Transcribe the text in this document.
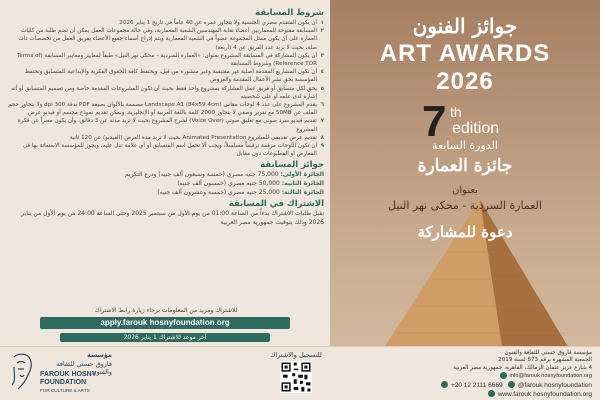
جوائز الفنون
ART AWARDS
2026
7 th
edition
الدورة السابعة
جائزة العمارة
بعنوان
العمارة السردية - محكى نهر النيل
دعوة للمشاركة
شروط المسابقة
١
أن يكون المتقدم مصري الجنسية ولا يتجاوز عمره عن 40 عاماً في تاريخ 1 يناير 2026
٢
المسابقة مفتوحة للمعماريين أعضاء نقابة المهندسين الشعبة المعمارية، وفي حالة مجموعات العمل يمكن أن تضم طلبة من كليات العمارة على أن يكون ممثل المجموعة عضواً في الشعبة المعمارية ويتم إدراج أسماء جميع الأعضاء بفريق العمل من تخصصات ذات صلة، بحيث لا يزيد عدد الفريق عن 4 (أربعة)
٣
أن يكون المشاركة في المسابقة المشروع بعنوان: «العمارة السردية – محكى نهر النيل» طبقاً لمعايير ومعايير المسابقة (Terms of Reference TOR) وشروط المسابقة
٤
أن تكون المشاريع المقدمة أصلية غير مقتبسة وغير منشورة من قبل، ويحتفظ كافة الحقوق الفكرية والإبداعية للمتسابق وتحتفظ المؤسسة بحق نشر الأعمال المقدمة والعروض
٥
يحق لكل متسابق أو فريق عمل المشاركة بمشروع واحد فقط بحيث أن تكون المشروعات المقدمة خاصة ومن تصميم المتسابق أو أنه إشارة لدى علمه أو على شخصيته
٦
يقدم المشروع على عدد 4 لوحات مقاس Landscape A1 (84x59.4cm) مصممة بالألوان بصيغة PDF بدقة 300 dpi ولا يتجاوز حجم الملف عن 50MB مع تقرير وصفي لا يتجاوز 2000 كلمة باللغة العربية أو الإنجليزية، ويمكن تقديم نموذج مجسم أو فيديو عرض
٧
تقديم فيديو سرد صوتي مع تعليق صوتي (Voice Over) لشرح المشروع بحيث لا تزيد مدته عن 3 دقائق، وأن يكون معبراً عن فكرة المشروع
٨
تقديم عرض تقديمي للمشروع Animated Presentation بحيث لا تزيد مدة العرض (الفيديو) عن 120 ثانية
٩
أن تكون اللوحات مرقمة ترقيماً مسلسلاً، ويجب ألا تحمل اسم المتسابق أو أي علامة تدل عليه، ويجوز للمؤسسة الاستعانة بها في المعارض أو المطبوعات دون مقابل
جوائز المسابقة
الجائزة الأولى: 75,000 جنيه مصري (خمسة وسبعون ألف جنيه) ودرع التكريم
الجائزة الثانية: 50,000 جنيه مصري (خمسون ألف جنيه)
الجائزة الثالثة: 25,000 جنيه مصري (خمسة وعشرون ألف جنيه)
الاشتراك في المسابقة
تقبل طلبات الاشتراك بدءاً من الساعة 01:00 من يوم الأول من سبتمبر 2025 وحتى الساعة 24:00 من يوم الأول من يناير 2026 وذلك بتوقيت جمهورية مصر العربية
للاشتراك ومزيد من المعلومات برجاء زيارة رابط الاشتراك
apply.farouk hosnyfoundation.org
آخر موعد للاشتراك 1 يناير 2026
مؤسسة
فاروق حسني للثقافة والفنون
FAROUK HOSNY
FOUNDATION
FOR CULTURE & ARTS
للتسجيل والاشتراك	مؤسسة فاروق حسني للثقافة والفنون
الجمعية المشهرة برقم 873 لسنة 2019
4 شارع عزيز عثمان الزمالك، القاهرة، جمهورية مصر العربية
info@farouk hosnyfoundation.org
+20 12 2111 6669 @farouk hosnyfoundation
www.farouk hosnyfoundation.org
